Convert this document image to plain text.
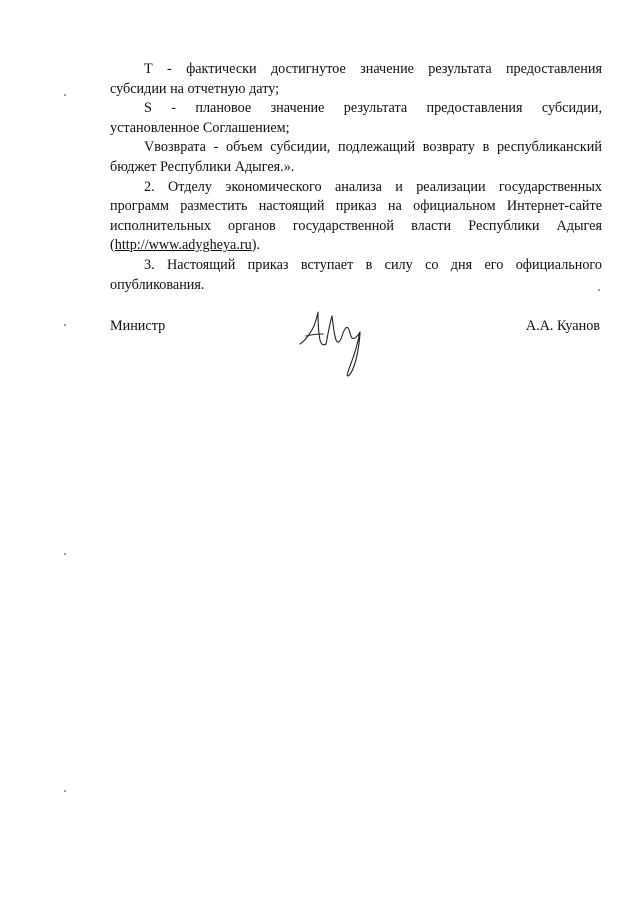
Т - фактически достигнутое значение результата предоставления
субсидии на отчетную дату;

S - плановое значение результата предоставления субсидии,
установленное Соглашением;

Vвозврата - объем субсидии, подлежащий возврату в республиканский
бюджет Республики Адыгея.».

2. Отделу экономического анализа и реализации государственных
программ разместить настоящий приказ на официальном Интернет-сайте
исполнительных органов государственной власти Республики Адыгея
(http://www.adygheya.ru).

3. Настоящий приказ вступает в силу со дня его официального
опубликования.

Министр	А.А. Куанов
